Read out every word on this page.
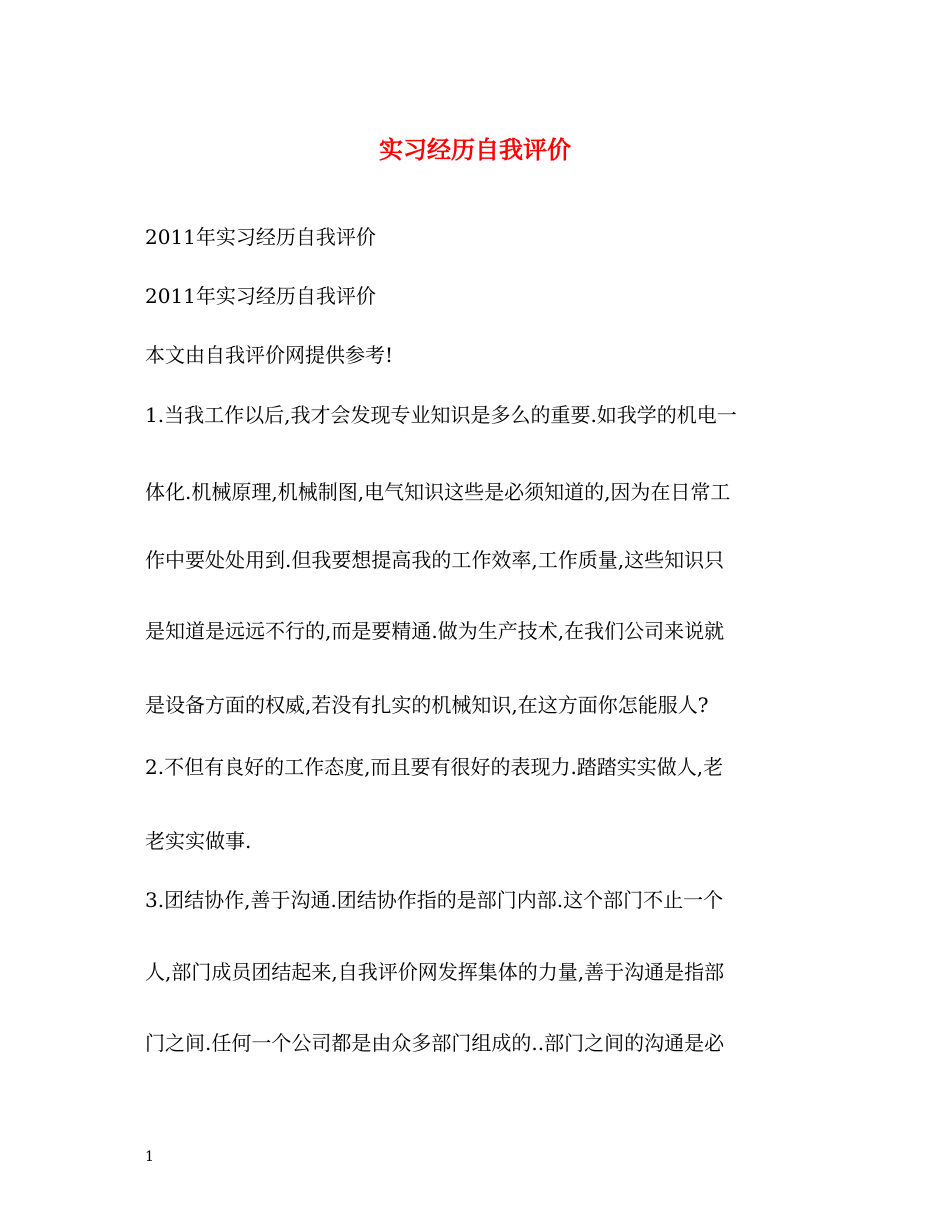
实习经历自我评价

2011年实习经历自我评价

2011年实习经历自我评价

本文由自我评价网提供参考!

1.当我工作以后,我才会发现专业知识是多么的重要.如我学的机电一

体化.机械原理,机械制图,电气知识这些是必须知道的,因为在日常工

作中要处处用到.但我要想提高我的工作效率,工作质量,这些知识只

是知道是远远不行的,而是要精通.做为生产技术,在我们公司来说就

是设备方面的权威,若没有扎实的机械知识,在这方面你怎能服人?

2.不但有良好的工作态度,而且要有很好的表现力.踏踏实实做人,老

老实实做事.

3.团结协作,善于沟通.团结协作指的是部门内部.这个部门不止一个

人,部门成员团结起来,自我评价网发挥集体的力量,善于沟通是指部

门之间.任何一个公司都是由众多部门组成的..部门之间的沟通是必

1
